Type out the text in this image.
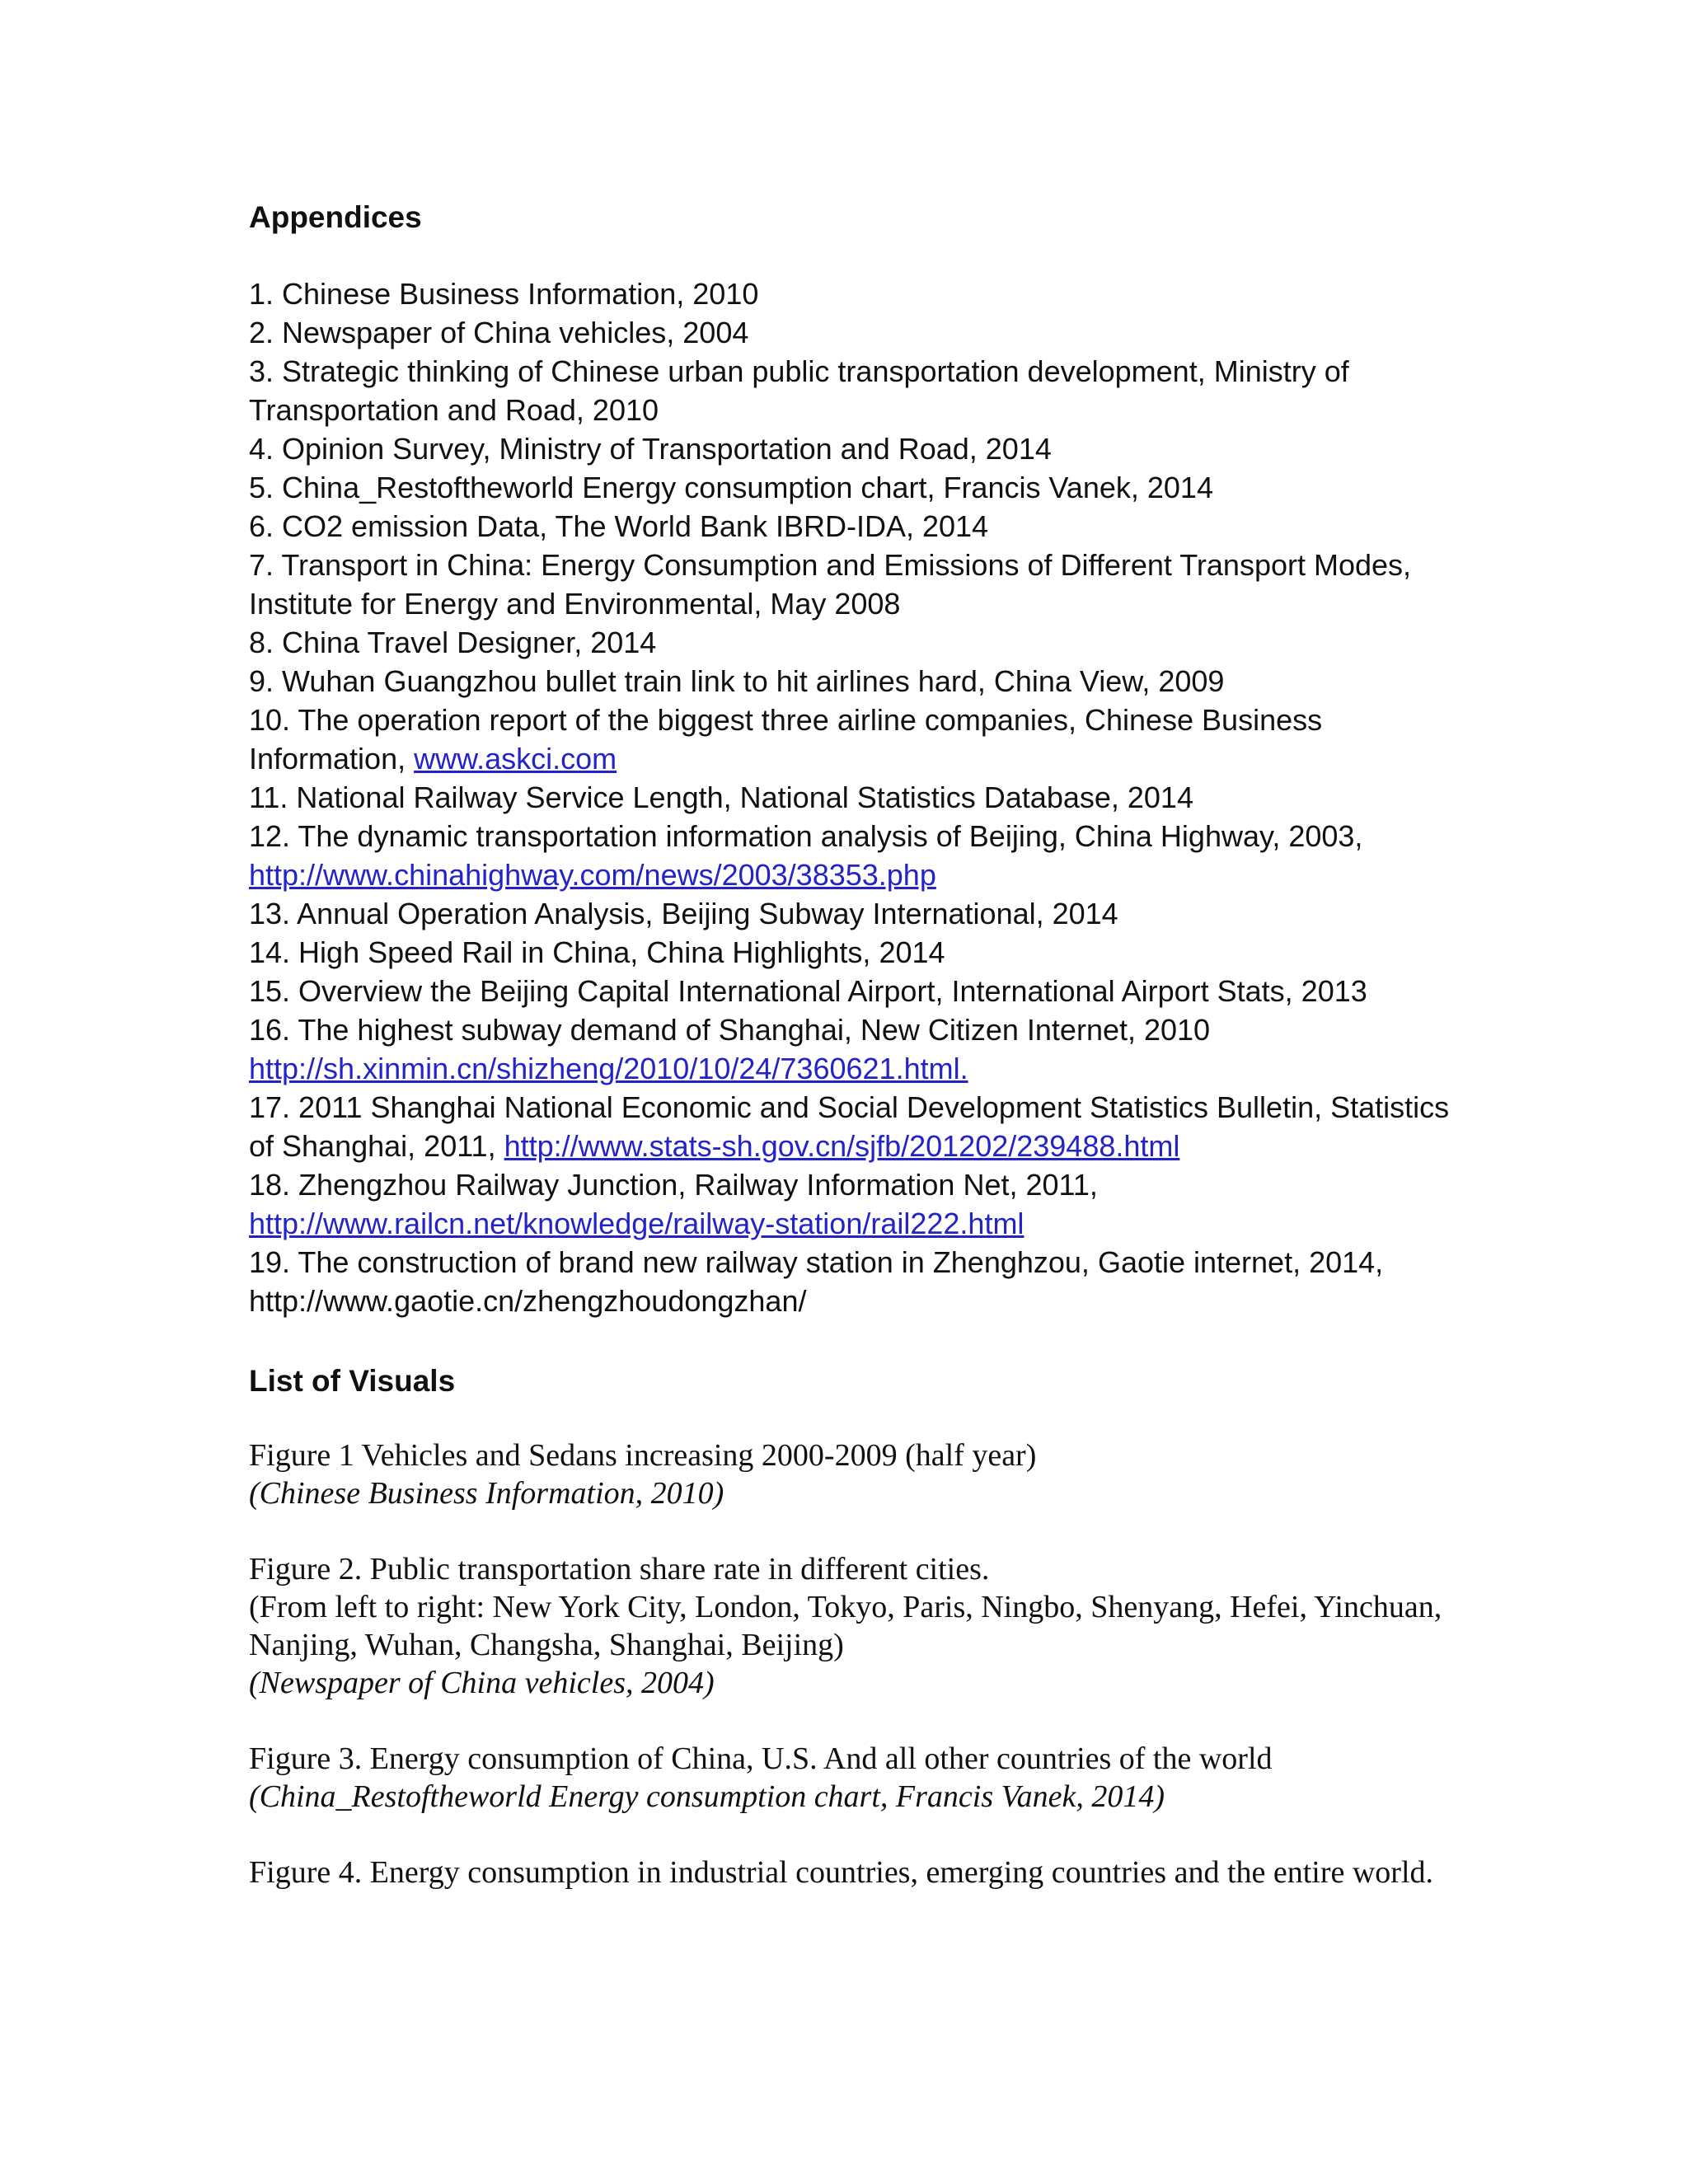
Appendices
1. Chinese Business Information, 2010
2. Newspaper of China vehicles, 2004
3. Strategic thinking of Chinese urban public transportation development, Ministry of Transportation and Road, 2010
4. Opinion Survey, Ministry of Transportation and Road, 2014
5. China_Restoftheworld Energy consumption chart, Francis Vanek, 2014
6. CO2 emission Data, The World Bank IBRD-IDA, 2014
7. Transport in China: Energy Consumption and Emissions of Different Transport Modes, Institute for Energy and Environmental, May 2008
8. China Travel Designer, 2014
9. Wuhan Guangzhou bullet train link to hit airlines hard, China View, 2009
10. The operation report of the biggest three airline companies, Chinese Business Information, www.askci.com
11. National Railway Service Length, National Statistics Database, 2014
12. The dynamic transportation information analysis of Beijing, China Highway, 2003, http://www.chinahighway.com/news/2003/38353.php
13. Annual Operation Analysis, Beijing Subway International, 2014
14. High Speed Rail in China, China Highlights, 2014
15. Overview the Beijing Capital International Airport, International Airport Stats, 2013
16. The highest subway demand of Shanghai, New Citizen Internet, 2010
http://sh.xinmin.cn/shizheng/2010/10/24/7360621.html.
17. 2011 Shanghai National Economic and Social Development Statistics Bulletin, Statistics of Shanghai, 2011, http://www.stats-sh.gov.cn/sjfb/201202/239488.html
18. Zhengzhou Railway Junction, Railway Information Net, 2011,
http://www.railcn.net/knowledge/railway-station/rail222.html
19. The construction of brand new railway station in Zhenghzou, Gaotie internet, 2014, http://www.gaotie.cn/zhengzhoudongzhan/
List of Visuals
Figure 1 Vehicles and Sedans increasing 2000-2009 (half year)
(Chinese Business Information, 2010)
Figure 2. Public transportation share rate in different cities.
(From left to right: New York City, London, Tokyo, Paris, Ningbo, Shenyang, Hefei, Yinchuan, Nanjing, Wuhan, Changsha, Shanghai, Beijing)
(Newspaper of China vehicles, 2004)
Figure 3. Energy consumption of China, U.S. And all other countries of the world
(China_Restoftheworld Energy consumption chart, Francis Vanek, 2014)
Figure 4. Energy consumption in industrial countries, emerging countries and the entire world.
